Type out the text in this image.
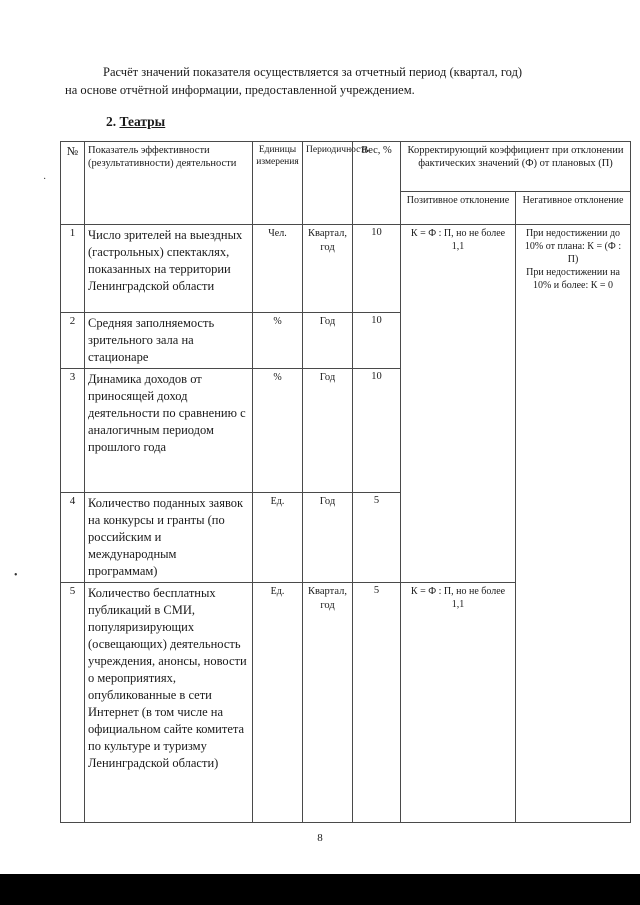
Расчёт значений показателя осуществляется за отчетный период (квартал, год)
на основе отчётной информации, предоставленной учреждением.

2. Театры
№	Показатель эффективности (результативности) деятельности	Единицы измерения	Периодичность	Вес, %	Корректирующий коэффициент при отклонении фактических значений (Ф) от плановых (П)	
					Позитивное отклонение	Негативное отклонение
1	Число зрителей на выездных (гастрольных) спектаклях, показанных на территории Ленинградской области	Чел.	Квартал, год	10	К = Ф : П, но не более 1,1	При недостижении до 10% от плана: К = (Ф : П)
При недостижении на 10% и более: К = 0

2	Средняя заполняемость зрительного зала на стационаре	%	Год	10		
3	Динамика доходов от приносящей доход деятельности по сравнению с аналогичным периодом прошлого года	%	Год	10		
4	Количество поданных заявок на конкурсы и гранты (по российским и международным программам)	Ед.	Год	5		
5	Количество бесплатных публикаций в СМИ, популяризирующих (освещающих) деятельность учреждения, анонсы, новости о мероприятиях, опубликованные в сети Интернет (в том числе на официальном сайте комитета по культуре и туризму Ленинградской области)	Ед.	Квартал, год	5	К = Ф : П, но не более 1,1	
8
·
•
